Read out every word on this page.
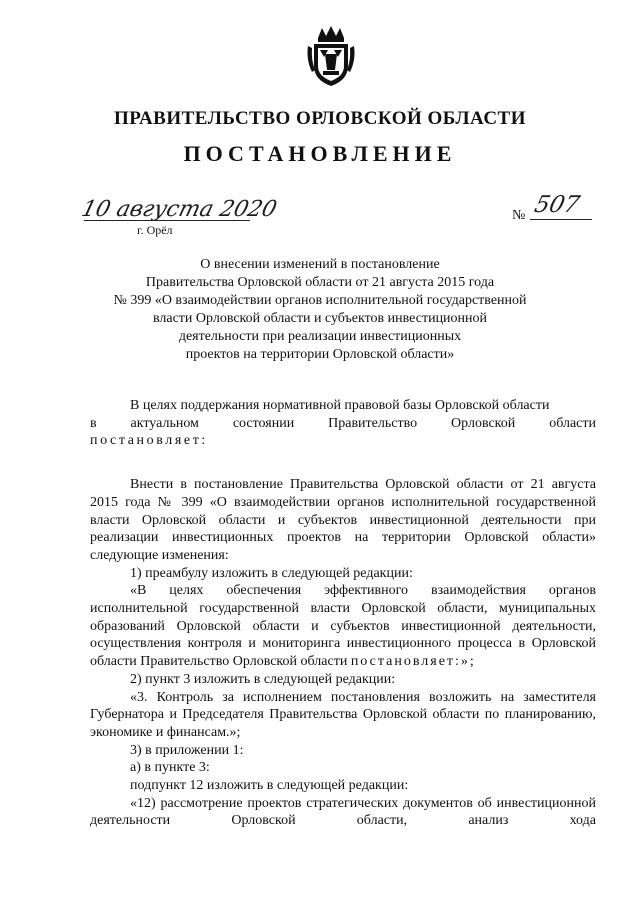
ПРАВИТЕЛЬСТВО ОРЛОВСКОЙ ОБЛАСТИ
ПОСТАНОВЛЕНИЕ
10 августа 2020
г. Орёл
№ 507
О внесении изменений в постановление
Правительства Орловской области от 21 августа 2015 года
№ 399 «О взаимодействии органов исполнительной государственной
власти Орловской области и субъектов инвестиционной
деятельности при реализации инвестиционных
проектов на территории Орловской области»

В целях поддержания нормативной правовой базы Орловской области

в актуальном состоянии Правительство Орловской области

постановляет:

Внести в постановление Правительства Орловской области от 21 августа 2015 года № 399 «О взаимодействии органов исполнительной государственной власти Орловской области и субъектов инвестиционной деятельности при реализации инвестиционных проектов на территории Орловской области» следующие изменения:

1) преамбулу изложить в следующей редакции:

«В целях обеспечения эффективного взаимодействия органов исполнительной государственной власти Орловской области, муниципальных образований Орловской области и субъектов инвестиционной деятельности, осуществления контроля и мониторинга инвестиционного процесса в Орловской области Правительство Орловской области постановляет:»;

2) пункт 3 изложить в следующей редакции:

«3. Контроль за исполнением постановления возложить на заместителя Губернатора и Председателя Правительства Орловской области по планированию, экономике и финансам.»;

3) в приложении 1:

а) в пункте 3:

подпункт 12 изложить в следующей редакции:

«12) рассмотрение проектов стратегических документов об инвестиционной деятельности Орловской области, анализ хода
